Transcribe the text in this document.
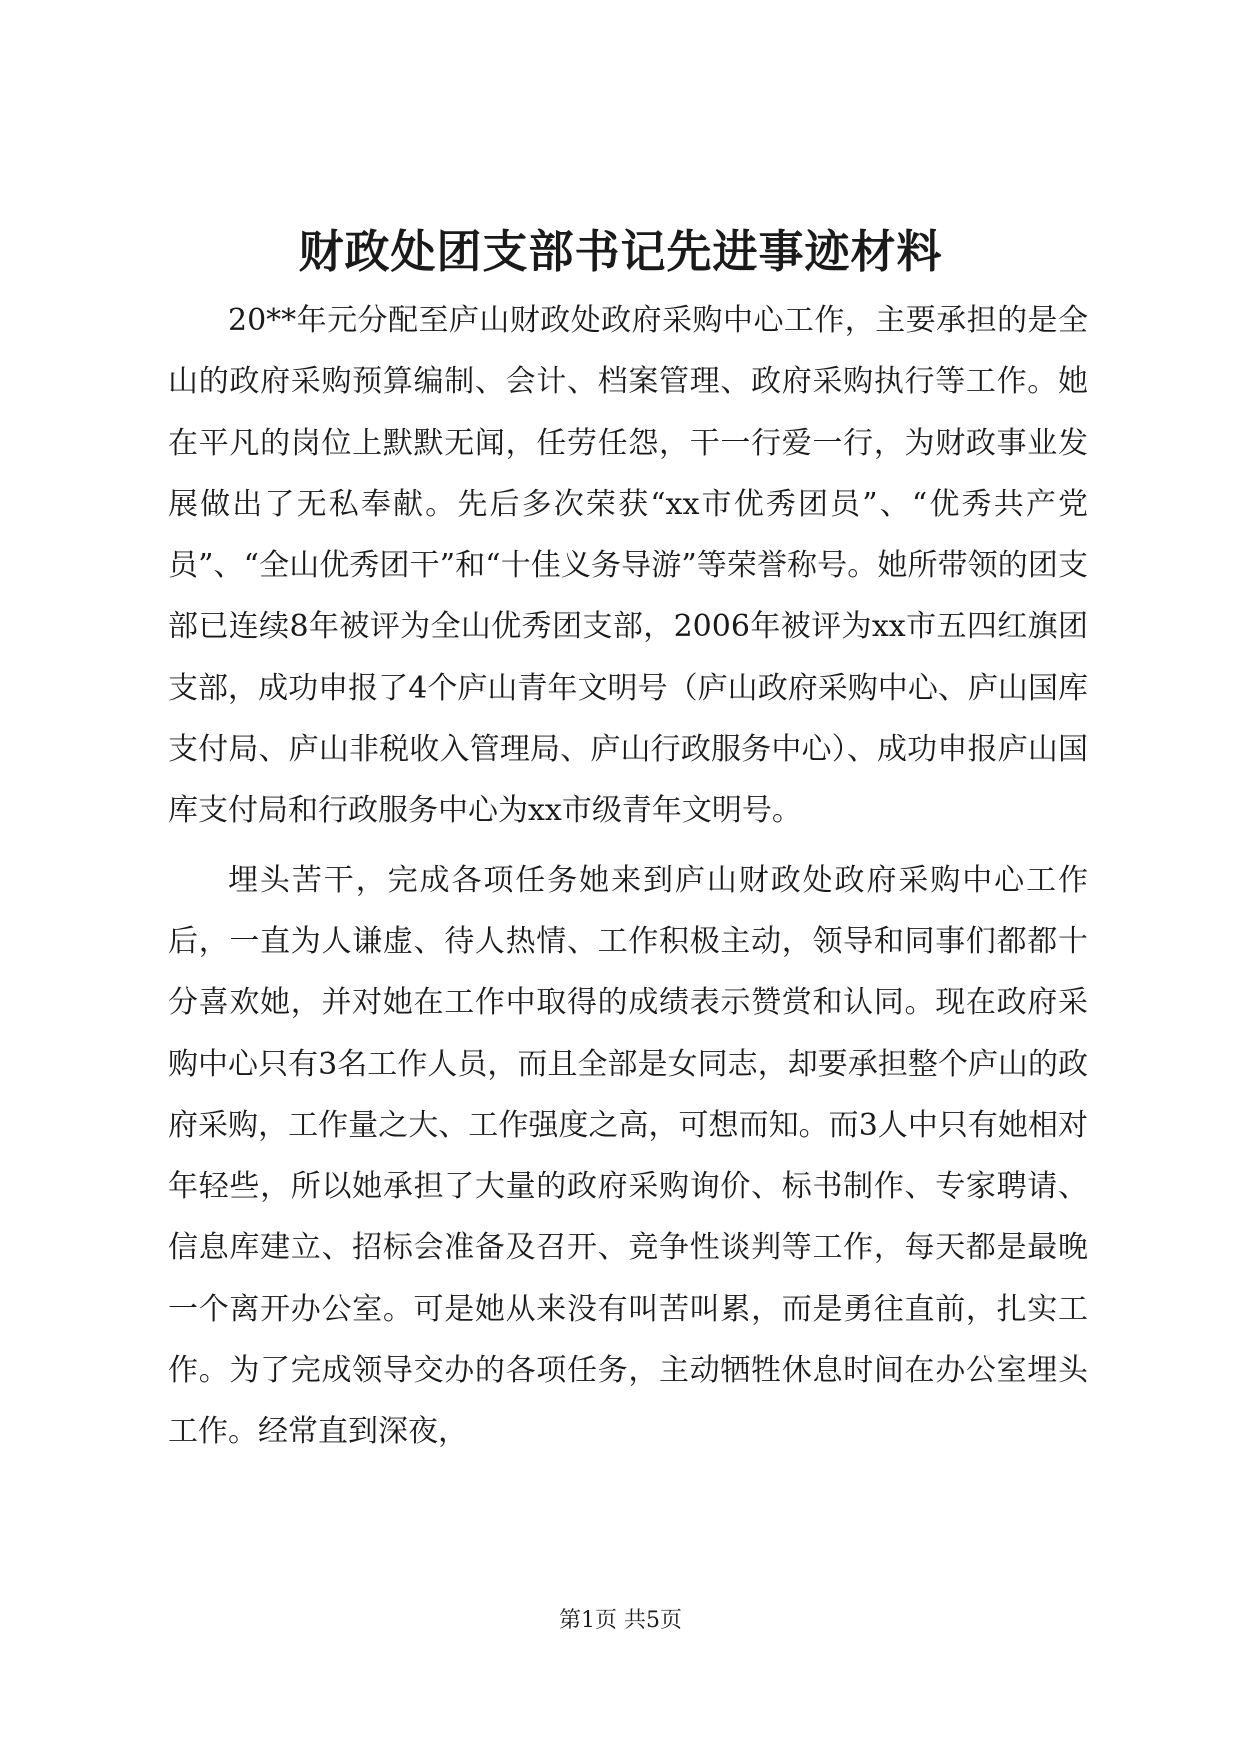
财政处团支部书记先进事迹材料

20**年元分配至庐山财政处政府采购中心工作，主要承担的是全山的政府采购预算编制、会计、档案管理、政府采购执行等工作。她在平凡的岗位上默默无闻，任劳任怨，干一行爱一行，为财政事业发展做出了无私奉献。先后多次荣获“xx市优秀团员”、“优秀共产党员”、“全山优秀团干”和“十佳义务导游”等荣誉称号。她所带领的团支部已连续8年被评为全山优秀团支部，2006年被评为xx市五四红旗团支部，成功申报了4个庐山青年文明号（庐山政府采购中心、庐山国库支付局、庐山非税收入管理局、庐山行政服务中心）、成功申报庐山国库支付局和行政服务中心为xx市级青年文明号。

埋头苦干，完成各项任务她来到庐山财政处政府采购中心工作后，一直为人谦虚、待人热情、工作积极主动，领导和同事们都都十分喜欢她，并对她在工作中取得的成绩表示赞赏和认同。现在政府采购中心只有3名工作人员，而且全部是女同志，却要承担整个庐山的政府采购，工作量之大、工作强度之高，可想而知。而3人中只有她相对年轻些，所以她承担了大量的政府采购询价、标书制作、专家聘请、信息库建立、招标会准备及召开、竞争性谈判等工作，每天都是最晚一个离开办公室。可是她从来没有叫苦叫累，而是勇往直前，扎实工作。为了完成领导交办的各项任务，主动牺牲休息时间在办公室埋头工作。经常直到深夜，

第1页 共5页
